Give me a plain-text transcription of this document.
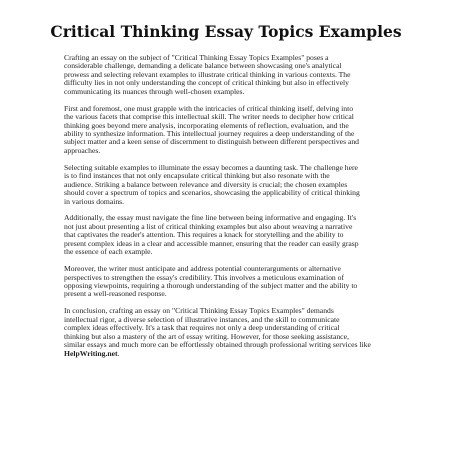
Critical Thinking Essay Topics Examples

Crafting an essay on the subject of "Critical Thinking Essay Topics Examples" poses a
considerable challenge, demanding a delicate balance between showcasing one's analytical
prowess and selecting relevant examples to illustrate critical thinking in various contexts. The
difficulty lies in not only understanding the concept of critical thinking but also in effectively
communicating its nuances through well-chosen examples.

First and foremost, one must grapple with the intricacies of critical thinking itself, delving into
the various facets that comprise this intellectual skill. The writer needs to decipher how critical
thinking goes beyond mere analysis, incorporating elements of reflection, evaluation, and the
ability to synthesize information. This intellectual journey requires a deep understanding of the
subject matter and a keen sense of discernment to distinguish between different perspectives and
approaches.

Selecting suitable examples to illuminate the essay becomes a daunting task. The challenge here
is to find instances that not only encapsulate critical thinking but also resonate with the
audience. Striking a balance between relevance and diversity is crucial; the chosen examples
should cover a spectrum of topics and scenarios, showcasing the applicability of critical thinking
in various domains.

Additionally, the essay must navigate the fine line between being informative and engaging. It's
not just about presenting a list of critical thinking examples but also about weaving a narrative
that captivates the reader's attention. This requires a knack for storytelling and the ability to
present complex ideas in a clear and accessible manner, ensuring that the reader can easily grasp
the essence of each example.

Moreover, the writer must anticipate and address potential counterarguments or alternative
perspectives to strengthen the essay's credibility. This involves a meticulous examination of
opposing viewpoints, requiring a thorough understanding of the subject matter and the ability to
present a well-reasoned response.

In conclusion, crafting an essay on "Critical Thinking Essay Topics Examples" demands
intellectual rigor, a diverse selection of illustrative instances, and the skill to communicate
complex ideas effectively. It's a task that requires not only a deep understanding of critical
thinking but also a mastery of the art of essay writing. However, for those seeking assistance,
similar essays and much more can be effortlessly obtained through professional writing services like
HelpWriting.net.
